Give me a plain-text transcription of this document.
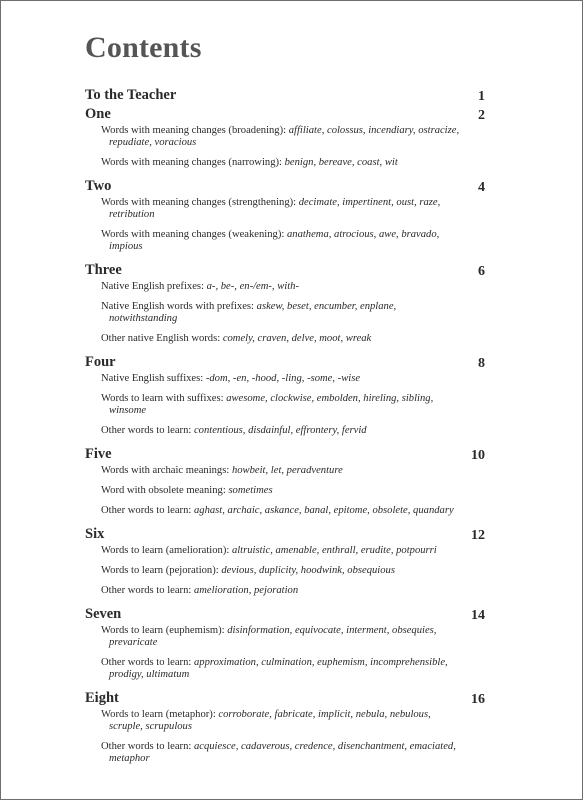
Contents
To the Teacher	1
One	2
Words with meaning changes (broadening): affiliate, colossus, incendiary, ostracize, repudiate, voracious
Words with meaning changes (narrowing): benign, bereave, coast, wit
Two	4
Words with meaning changes (strengthening): decimate, impertinent, oust, raze, retribution
Words with meaning changes (weakening): anathema, atrocious, awe, bravado, impious
Three	6
Native English prefixes: a-, be-, en-/em-, with-
Native English words with prefixes: askew, beset, encumber, enplane, notwithstanding
Other native English words: comely, craven, delve, moot, wreak
Four	8
Native English suffixes: -dom, -en, -hood, -ling, -some, -wise
Words to learn with suffixes: awesome, clockwise, embolden, hireling, sibling, winsome
Other words to learn: contentious, disdainful, effrontery, fervid
Five	10
Words with archaic meanings: howbeit, let, peradventure
Word with obsolete meaning: sometimes
Other words to learn: aghast, archaic, askance, banal, epitome, obsolete, quandary
Six	12
Words to learn (amelioration): altruistic, amenable, enthrall, erudite, potpourri
Words to learn (pejoration): devious, duplicity, hoodwink, obsequious
Other words to learn: amelioration, pejoration
Seven	14
Words to learn (euphemism): disinformation, equivocate, interment, obsequies, prevaricate
Other words to learn: approximation, culmination, euphemism, incomprehensible, prodigy, ultimatum
Eight	16
Words to learn (metaphor): corroborate, fabricate, implicit, nebula, nebulous, scruple, scrupulous
Other words to learn: acquiesce, cadaverous, credence, disenchantment, emaciated, metaphor
